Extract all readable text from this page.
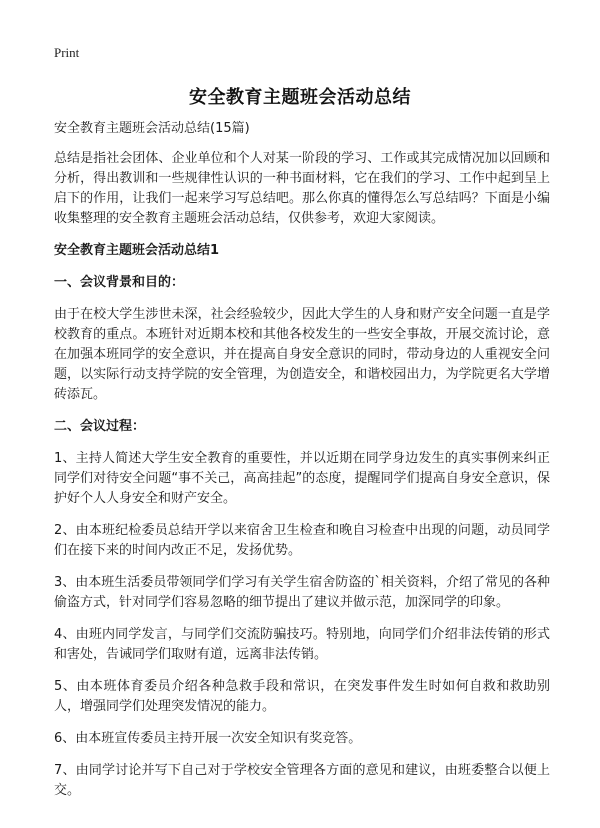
Print
安全教育主题班会活动总结
安全教育主题班会活动总结(15篇)

总结是指社会团体、企业单位和个人对某一阶段的学习、工作或其完成情况加以回顾和分析，得出教训和一些规律性认识的一种书面材料，它在我们的学习、工作中起到呈上启下的作用，让我们一起来学习写总结吧。那么你真的懂得怎么写总结吗？下面是小编收集整理的安全教育主题班会活动总结，仅供参考，欢迎大家阅读。

安全教育主题班会活动总结1
一、会议背景和目的：

由于在校大学生涉世未深，社会经验较少，因此大学生的人身和财产安全问题一直是学校教育的重点。本班针对近期本校和其他各校发生的一些安全事故，开展交流讨论，意在加强本班同学的安全意识，并在提高自身安全意识的同时，带动身边的人重视安全问题，以实际行动支持学院的安全管理，为创造安全，和谐校园出力，为学院更名大学增砖添瓦。

二、会议过程：

1、主持人简述大学生安全教育的重要性，并以近期在同学身边发生的真实事例来纠正同学们对待安全问题“事不关己，高高挂起”的态度，提醒同学们提高自身安全意识，保护好个人人身安全和财产安全。

2、由本班纪检委员总结开学以来宿舍卫生检查和晚自习检查中出现的问题，动员同学们在接下来的时间内改正不足，发扬优势。

3、由本班生活委员带领同学们学习有关学生宿舍防盗的`相关资料，介绍了常见的各种偷盗方式，针对同学们容易忽略的细节提出了建议并做示范，加深同学的印象。

4、由班内同学发言，与同学们交流防骗技巧。特别地，向同学们介绍非法传销的形式和害处，告诫同学们取财有道，远离非法传销。

5、由本班体育委员介绍各种急救手段和常识，在突发事件发生时如何自救和救助别人，增强同学们处理突发情况的能力。

6、由本班宣传委员主持开展一次安全知识有奖竞答。

7、由同学讨论并写下自己对于学校安全管理各方面的意见和建议，由班委整合以便上交。
